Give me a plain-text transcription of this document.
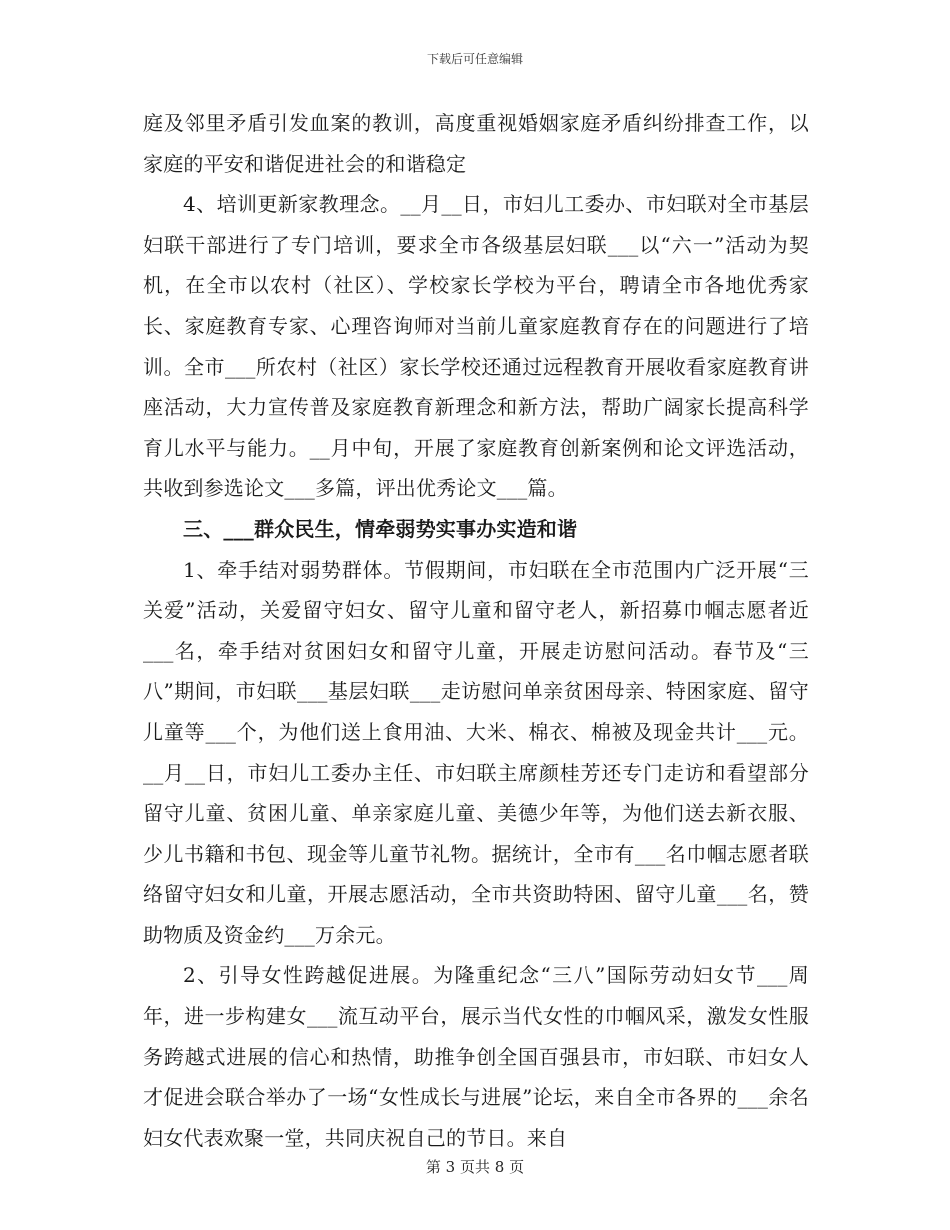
下载后可任意编辑

庭及邻里矛盾引发血案的教训，高度重视婚姻家庭矛盾纠纷排查工作，以家庭的平安和谐促进社会的和谐稳定

4、培训更新家教理念。__月__日，市妇儿工委办、市妇联对全市基层妇联干部进行了专门培训，要求全市各级基层妇联___以“六一”活动为契机，在全市以农村（社区）、学校家长学校为平台，聘请全市各地优秀家长、家庭教育专家、心理咨询师对当前儿童家庭教育存在的问题进行了培训。全市___所农村（社区）家长学校还通过远程教育开展收看家庭教育讲座活动，大力宣传普及家庭教育新理念和新方法，帮助广阔家长提高科学育儿水平与能力。__月中旬，开展了家庭教育创新案例和论文评选活动，共收到参选论文___多篇，评出优秀论文___篇。

三、___群众民生，情牵弱势实事办实造和谐

1、牵手结对弱势群体。节假期间，市妇联在全市范围内广泛开展“三关爱”活动，关爱留守妇女、留守儿童和留守老人，新招募巾帼志愿者近___名，牵手结对贫困妇女和留守儿童，开展走访慰问活动。春节及“三八”期间，市妇联___基层妇联___走访慰问单亲贫困母亲、特困家庭、留守儿童等___个，为他们送上食用油、大米、棉衣、棉被及现金共计___元。__月__日，市妇儿工委办主任、市妇联主席颜桂芳还专门走访和看望部分留守儿童、贫困儿童、单亲家庭儿童、美德少年等，为他们送去新衣服、少儿书籍和书包、现金等儿童节礼物。据统计，全市有___名巾帼志愿者联络留守妇女和儿童，开展志愿活动，全市共资助特困、留守儿童___名，赞助物质及资金约___万余元。

2、引导女性跨越促进展。为隆重纪念“三八”国际劳动妇女节___周年，进一步构建女___流互动平台，展示当代女性的巾帼风采，激发女性服务跨越式进展的信心和热情，助推争创全国百强县市，市妇联、市妇女人才促进会联合举办了一场“女性成长与进展”论坛，来自全市各界的___余名妇女代表欢聚一堂，共同庆祝自己的节日。来自

第 3 页共 8 页
